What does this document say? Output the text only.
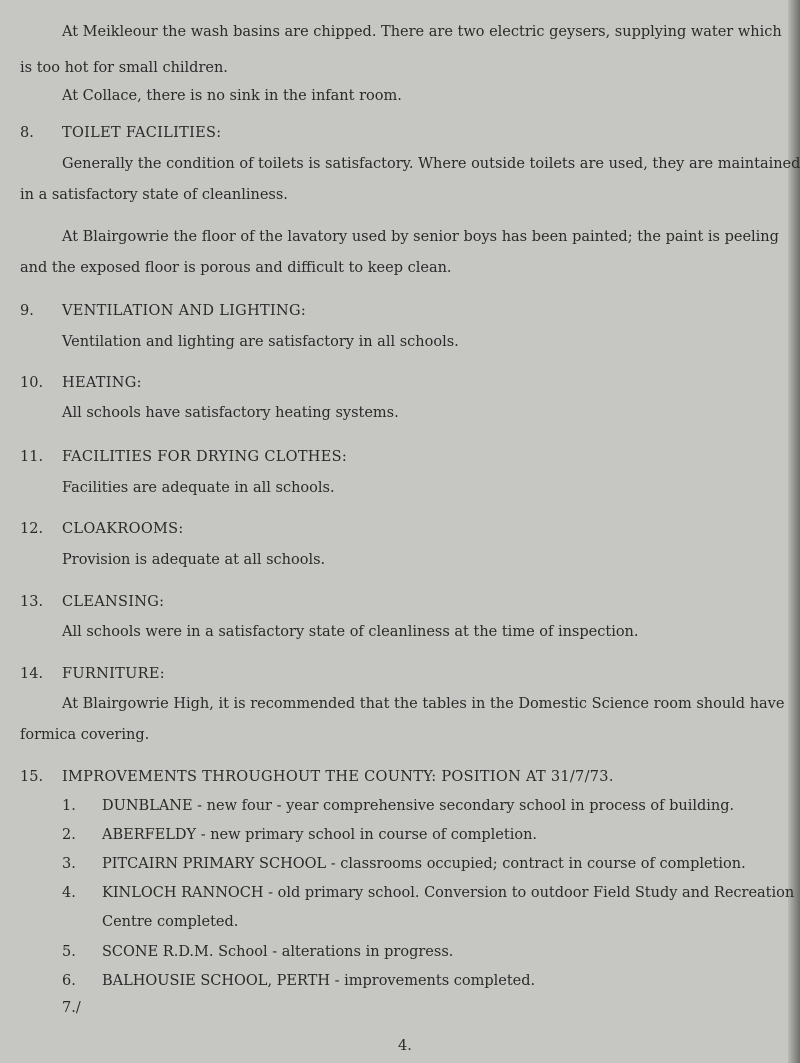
At Meikleour the wash basins are chipped. There are two electric geysers, supplying water which
is too hot for small children.
At Collace, there is no sink in the infant room.
8. TOILET FACILITIES:
Generally the condition of toilets is satisfactory. Where outside toilets are used, they are maintained
in a satisfactory state of cleanliness.
At Blairgowrie the floor of the lavatory used by senior boys has been painted; the paint is peeling
and the exposed floor is porous and difficult to keep clean.
9. VENTILATION AND LIGHTING:
Ventilation and lighting are satisfactory in all schools.
10. HEATING:
All schools have satisfactory heating systems.
11. FACILITIES FOR DRYING CLOTHES:
Facilities are adequate in all schools.
12. CLOAKROOMS:
Provision is adequate at all schools.
13. CLEANSING:
All schools were in a satisfactory state of cleanliness at the time of inspection.
14. FURNITURE:
At Blairgowrie High, it is recommended that the tables in the Domestic Science room should have
formica covering.
15. IMPROVEMENTS THROUGHOUT THE COUNTY: POSITION AT 31/7/73.
1. DUNBLANE - new four - year comprehensive secondary school in process of building.
2. ABERFELDY - new primary school in course of completion.
3. PITCAIRN PRIMARY SCHOOL - classrooms occupied; contract in course of completion.
4. KINLOCH RANNOCH - old primary school. Conversion to outdoor Field Study and Recreation
Centre completed.
5. SCONE R.D.M. School - alterations in progress.
6. BALHOUSIE SCHOOL, PERTH - improvements completed.
7./
4.
